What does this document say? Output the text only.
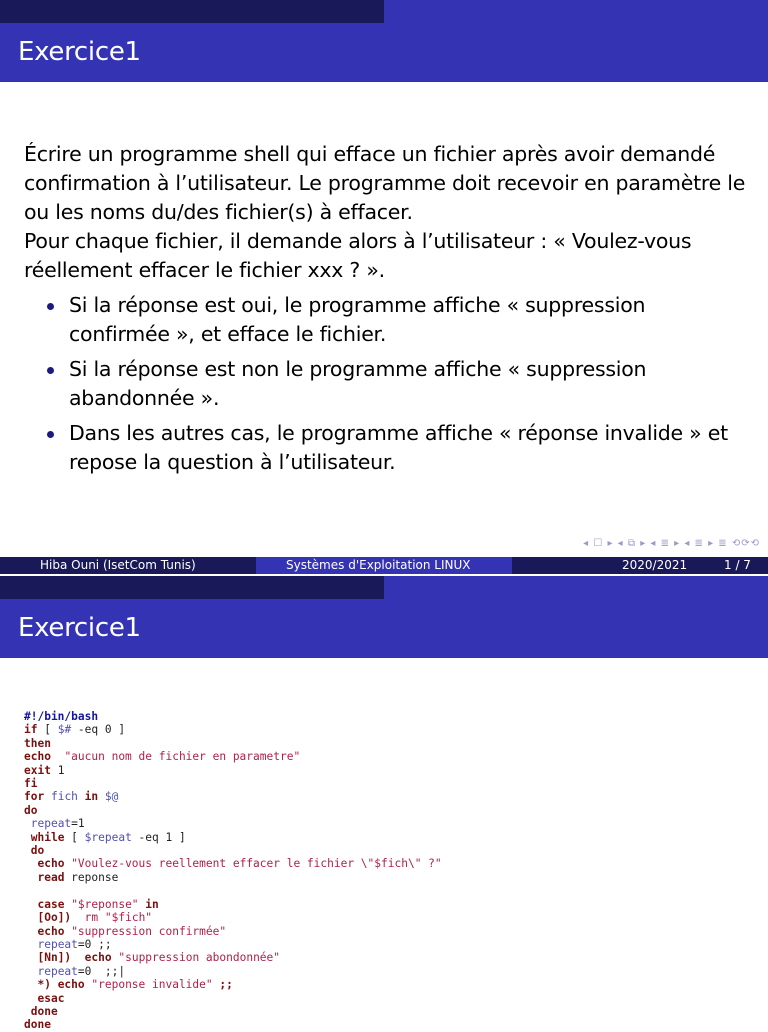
Exercice1

Écrire un programme shell qui efface un fichier après avoir demandé confirmation à l’utilisateur. Le programme doit recevoir en paramètre le ou les noms du/des fichier(s) à effacer.

Pour chaque fichier, il demande alors à l’utilisateur : « Voulez-vous réellement effacer le fichier xxx ? ».

Si la réponse est oui, le programme affiche « suppression confirmée », et efface le fichier.
Si la réponse est non le programme affiche « suppression abandonnée ».
Dans les autres cas, le programme affiche « réponse invalide » et repose la question à l’utilisateur.
◂ ☐ ▸ ◂ ⧉ ▸ ◂ ≣ ▸ ◂ ≣ ▸ ≣ ⟲⟳⟲
Hiba Ouni (IsetCom Tunis)	Systèmes d'Exploitation LINUX	2020/2021	1 / 7
Exercice1
#!/bin/bash
if [ $# -eq 0 ]
then
echo "aucun nom de fichier en parametre"
exit 1
fi
for fich in $@
do
repeat=1
while [ $repeat -eq 1 ]
do
echo "Voulez-vous reellement effacer le fichier \"$fich\" ?"
read reponse

case "$reponse" in
[Oo]) rm "$fich"
echo "suppression confirmée"
repeat=0 ;;
[Nn]) echo "suppression abondonnée"
repeat=0  ;;|
*) echo "reponse invalide" ;;
esac
done
done
